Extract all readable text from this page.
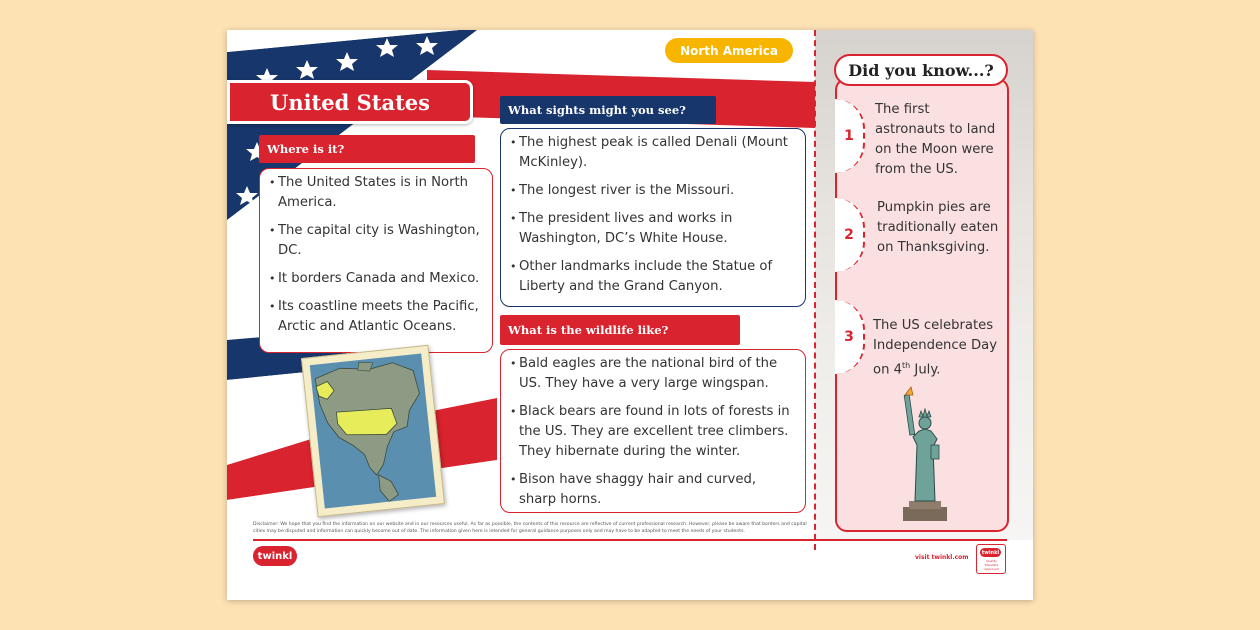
North America
United States
Where is it?
• The United States is in North America.
• The capital city is Washington, DC.
• It borders Canada and Mexico.
• Its coastline meets the Pacific, Arctic and Atlantic Oceans.
What sights might you see?
• The highest peak is called Denali (Mount McKinley).
• The longest river is the Missouri.
• The president lives and works in Washington, DC’s White House.
• Other landmarks include the Statue of Liberty and the Grand Canyon.
What is the wildlife like?
• Bald eagles are the national bird of the US. They have a very large wingspan.
• Black bears are found in lots of forests in the US. They are excellent tree climbers. They hibernate during the winter.
• Bison have shaggy hair and curved, sharp horns.
Did you know...?
1
The first astronauts to land on the Moon were from the US.
2
Pumpkin pies are traditionally eaten on Thanksgiving.
3
The US celebrates Independence Day on 4th July.
Disclaimer: We hope that you find the information on our website and in our resources useful. As far as possible, the contents of this resource are reflective of current professional research. However, please be aware that borders and capital cities may be disputed and information can quickly become out of date. The information given here is intended for general guidance purposes only and may have to be adapted to meet the needs of your students.
twinkl	visit twinkl.com
twinkl
Quality Standard Approved
